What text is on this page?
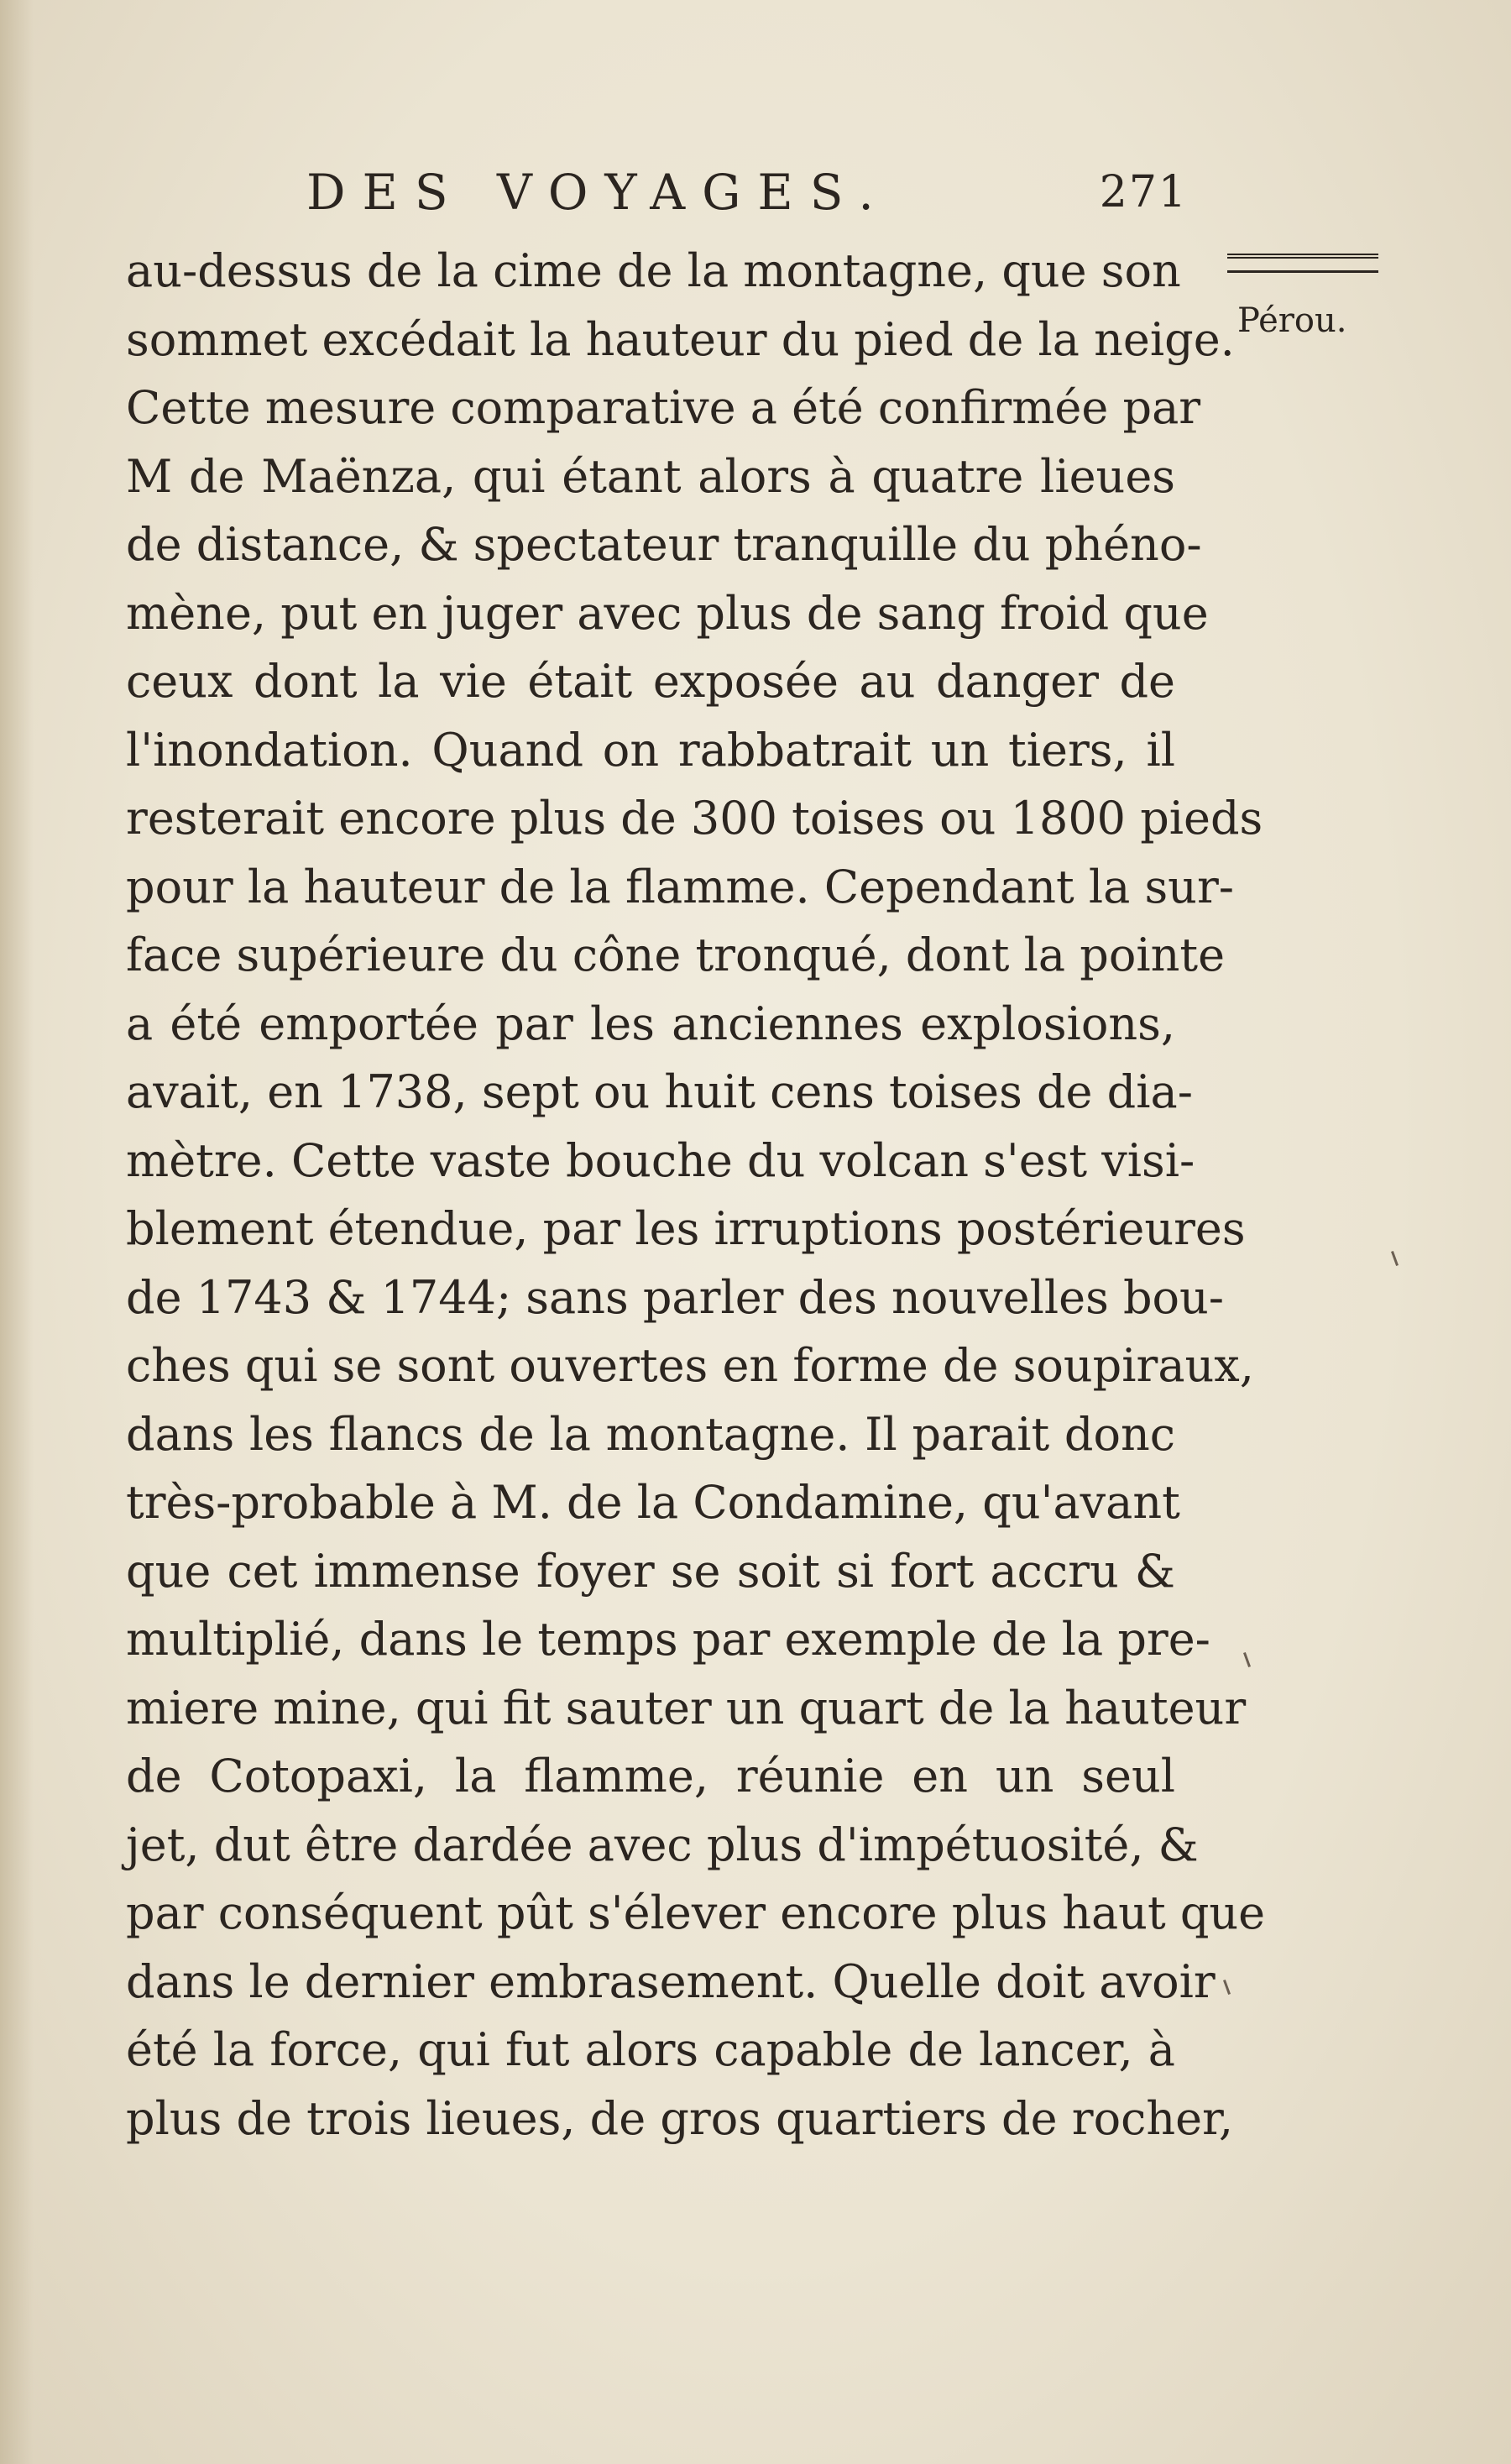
DES VOYAGES.	271
Pérou.
au-dessus de la cime de la montagne, que son
sommet excédait la hauteur du pied de la neige.
Cette mesure comparative a été confirmée par
M de Maënza, qui étant alors à quatre lieues
de distance, & spectateur tranquille du phéno-
mène, put en juger avec plus de sang froid que
ceux dont la vie était exposée au danger de
l'inondation. Quand on rabbatrait un tiers, il
resterait encore plus de 300 toises ou 1800 pieds
pour la hauteur de la flamme. Cependant la sur-
face supérieure du cône tronqué, dont la pointe
a été emportée par les anciennes explosions,
avait, en 1738, sept ou huit cens toises de dia-
mètre. Cette vaste bouche du volcan s'est visi-
blement étendue, par les irruptions postérieures
de 1743 & 1744; sans parler des nouvelles bou-
ches qui se sont ouvertes en forme de soupiraux,
dans les flancs de la montagne. Il parait donc
très-probable à M. de la Condamine, qu'avant
que cet immense foyer se soit si fort accru &
multiplié, dans le temps par exemple de la pre-
miere mine, qui fit sauter un quart de la hauteur
de Cotopaxi, la flamme, réunie en un seul
jet, dut être dardée avec plus d'impétuosité, &
par conséquent pût s'élever encore plus haut que
dans le dernier embrasement. Quelle doit avoir
été la force, qui fut alors capable de lancer, à
plus de trois lieues, de gros quartiers de rocher,
